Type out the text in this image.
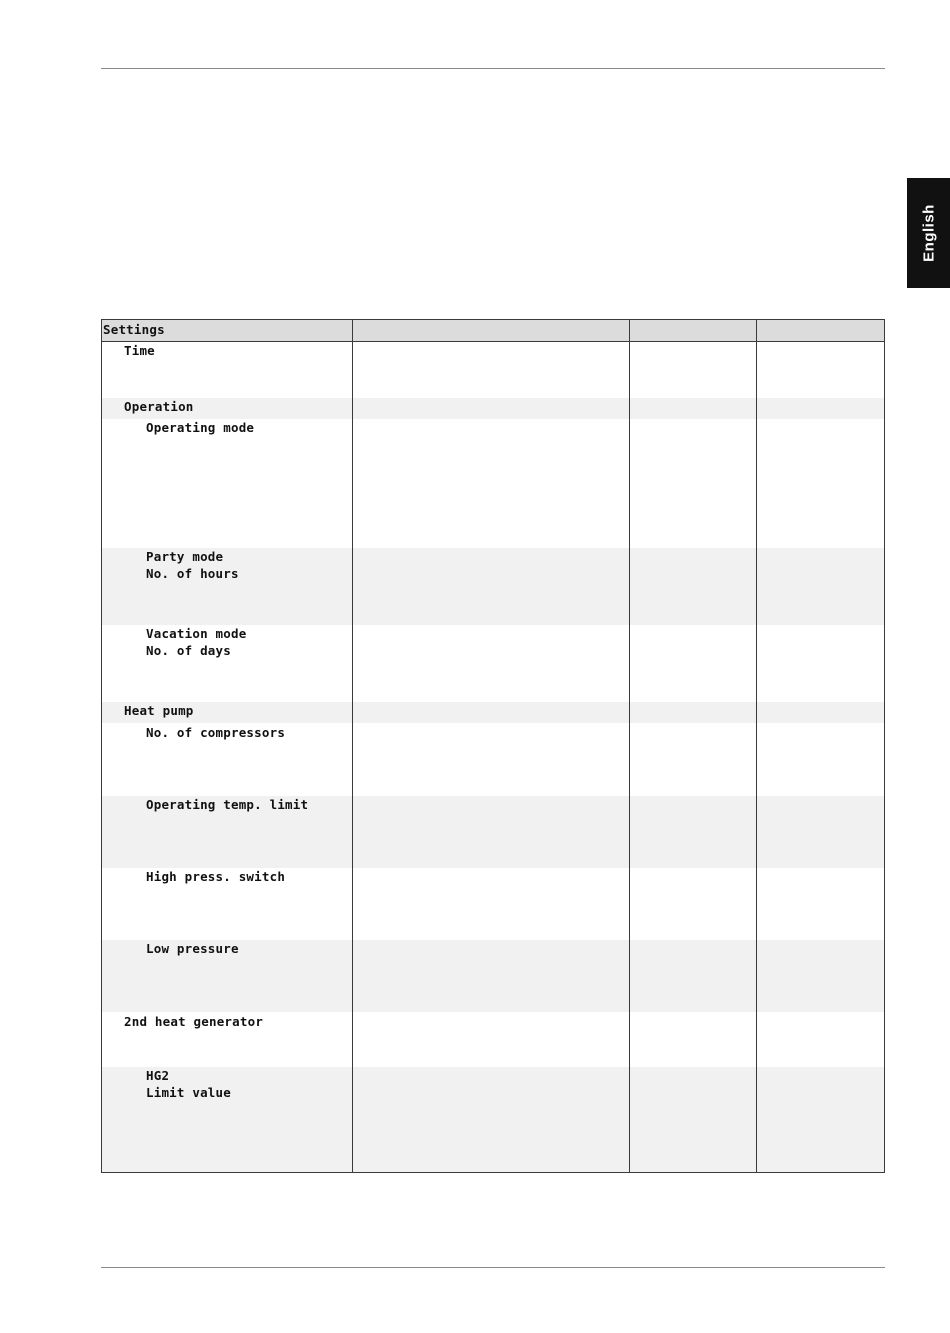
English
Settings
Time
Operation
Operating mode
Party mode
No. of hours
Vacation mode
No. of days
Heat pump
No. of compressors
Operating temp. limit
High press. switch
Low pressure
2nd heat generator
HG2
Limit value
